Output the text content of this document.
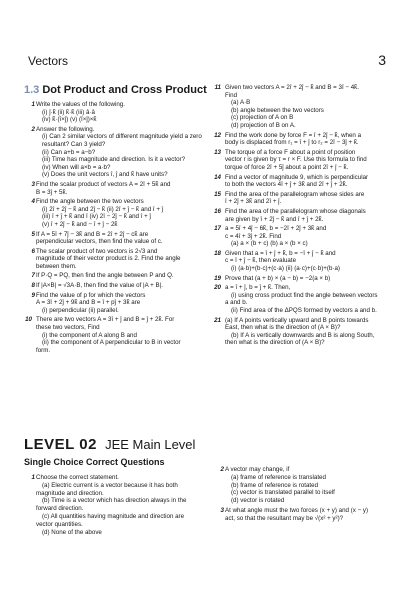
Vectors	3
1.3 Dot Product and Cross Product
1 Write the values of the following.
(i) ĵ·k̂ (ii) k̂·k̂ (iii) â·â
(iv) k̂·(î×ĵ) (v) (î×ĵ)×k̂
2 Answer the following.
(i) Can 2 similar vectors of different magnitude yield a zero resultant? Can 3 yield?
(ii) Can a+b = a−b?
(iii) Time has magnitude and direction. Is it a vector?
(iv) When will a×b = a·b?
(v) Does the unit vectors î, ĵ and k̂ have units?
3 Find the scalar product of vectors A = 2î + 5k̂ and
B = 3ĵ + 5k̂.
4 Find the angle between the two vectors
(i) 2î + 2ĵ − k̂ and 2ĵ − k̂ (ii) 2î + ĵ − k̂ and î + ĵ
(iii) î + ĵ + k̂ and î (iv) 2î − 2ĵ − k̂ and î + ĵ
(v) î + 2ĵ − k̂ and − î + ĵ − 2k̂
5 If A = 5î + 7ĵ − 3k̂ and B = 2î + 2ĵ − ck̂ are
perpendicular vectors, then find the value of c.
6 The scalar product of two vectors is 2√3 and
magnitude of their vector product is 2. Find the angle
between them.
7 If P·Q = PQ, then find the angle between P and Q.
8 If |A×B| = √3A·B, then find the value of |A + B|.
9 Find the value of p for which the vectors
A = 3î + 2ĵ + 9k̂ and B = î + pĵ + 3k̂ are
(i) perpendicular (ii) parallel.
10 There are two vectors A = 3î + ĵ and B = ĵ + 2k̂. For
these two vectors, Find
(i) the component of A along B and
(ii) the component of A perpendicular to B in vector
form.
11 Given two vectors A = 2î + 2ĵ − k̂ and B = 3î − 4k̂.
Find
(a) A·B
(b) angle between the two vectors
(c) projection of A on B
(d) projection of B on A.
12 Find the work done by force F = î + 2ĵ − k̂, when a
body is displaced from r₁ = î + ĵ to r₂ = 2î − 3ĵ + k̂.
13 The torque of a force F about a point of position
vector r is given by τ = r × F. Use this formula to find
torque of force 2î + 5ĵ about a point 2î + ĵ − k̂.
14 Find a vector of magnitude 9, which is perpendicular
to both the vectors 4î + ĵ + 3k̂ and 2î + ĵ + 2k̂.
15 Find the area of the parallelogram whose sides are
î + 2ĵ + 3k̂ and 2î + ĵ.
16 Find the area of the parallelogram whose diagonals
are given by î + 2ĵ − k̂ and î + ĵ + 2k̂.
17 a = 5î + 4ĵ − 6k̂, b = −2î + 2ĵ + 3k̂ and
c = 4î + 3ĵ + 2k̂. Find
(a) a × (b + c) (b) a × (b × c)
18 Given that a = î + ĵ + k̂, b = −î + ĵ − k̂ and
c = î + ĵ − k̂, then evaluate
(i) (a·b)+(b·c)+(c·a) (ii) (a·c)+(c·b)+(b·a)
19 Prove that (a + b) × (a − b) = −2(a × b)
20 a = î + ĵ, b = ĵ + k̂. Then,
(i) using cross product find the angle between vectors
a and b.
(ii) Find area of the ΔPQS formed by vectors a and b.
21 (a) If A points vertically upward and B points towards
East, then what is the direction of (A × B)?
(b) If A is vertically downwards and B is along South,
then what is the direction of (A × B)?
LEVEL 02 JEE Main Level
Single Choice Correct Questions
1 Choose the correct statement.
(a) Electric current is a vector because it has both
magnitude and direction.
(b) Time is a vector which has direction always in the
forward direction.
(c) All quantities having magnitude and direction are
vector quantities.
(d) None of the above
2 A vector may change, if
(a) frame of reference is translated
(b) frame of reference is rotated
(c) vector is translated parallel to itself
(d) vector is rotated
3 At what angle must the two forces (x + y) and (x − y)
act, so that the resultant may be √(x² + y²)?
